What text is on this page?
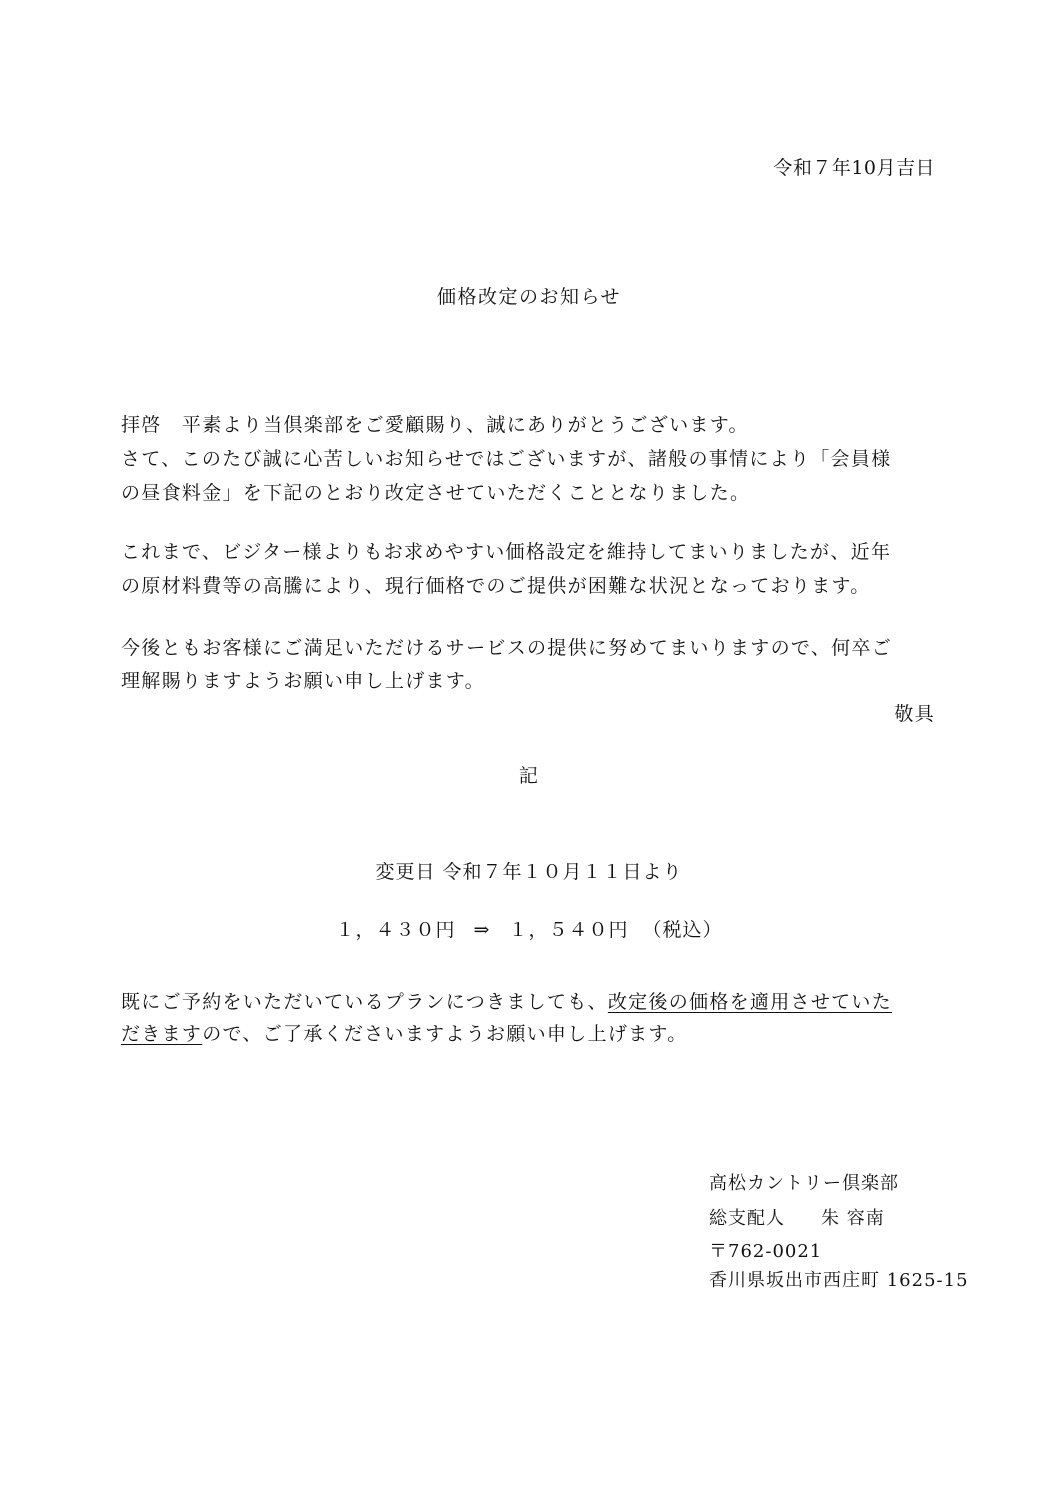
令和７年10月吉日
価格改定のお知らせ
拝啓　平素より当倶楽部をご愛顧賜り、誠にありがとうございます。
さて、このたび誠に心苦しいお知らせではございますが、諸般の事情により「会員様
の昼食料金」を下記のとおり改定させていただくこととなりました。
これまで、ビジター様よりもお求めやすい価格設定を維持してまいりましたが、近年
の原材料費等の高騰により、現行価格でのご提供が困難な状況となっております。
今後ともお客様にご満足いただけるサービスの提供に努めてまいりますので、何卒ご
理解賜りますようお願い申し上げます。
敬具
記
変更日 令和７年１０月１１日より
１，４３０円 ⇒ １，５４０円 （税込）
既にご予約をいただいているプランにつきましても、改定後の価格を適用させていた
だきますので、ご了承くださいますようお願い申し上げます。
高松カントリー倶楽部
総支配人 朱 容南
〒762-0021
香川県坂出市西庄町 1625-15
